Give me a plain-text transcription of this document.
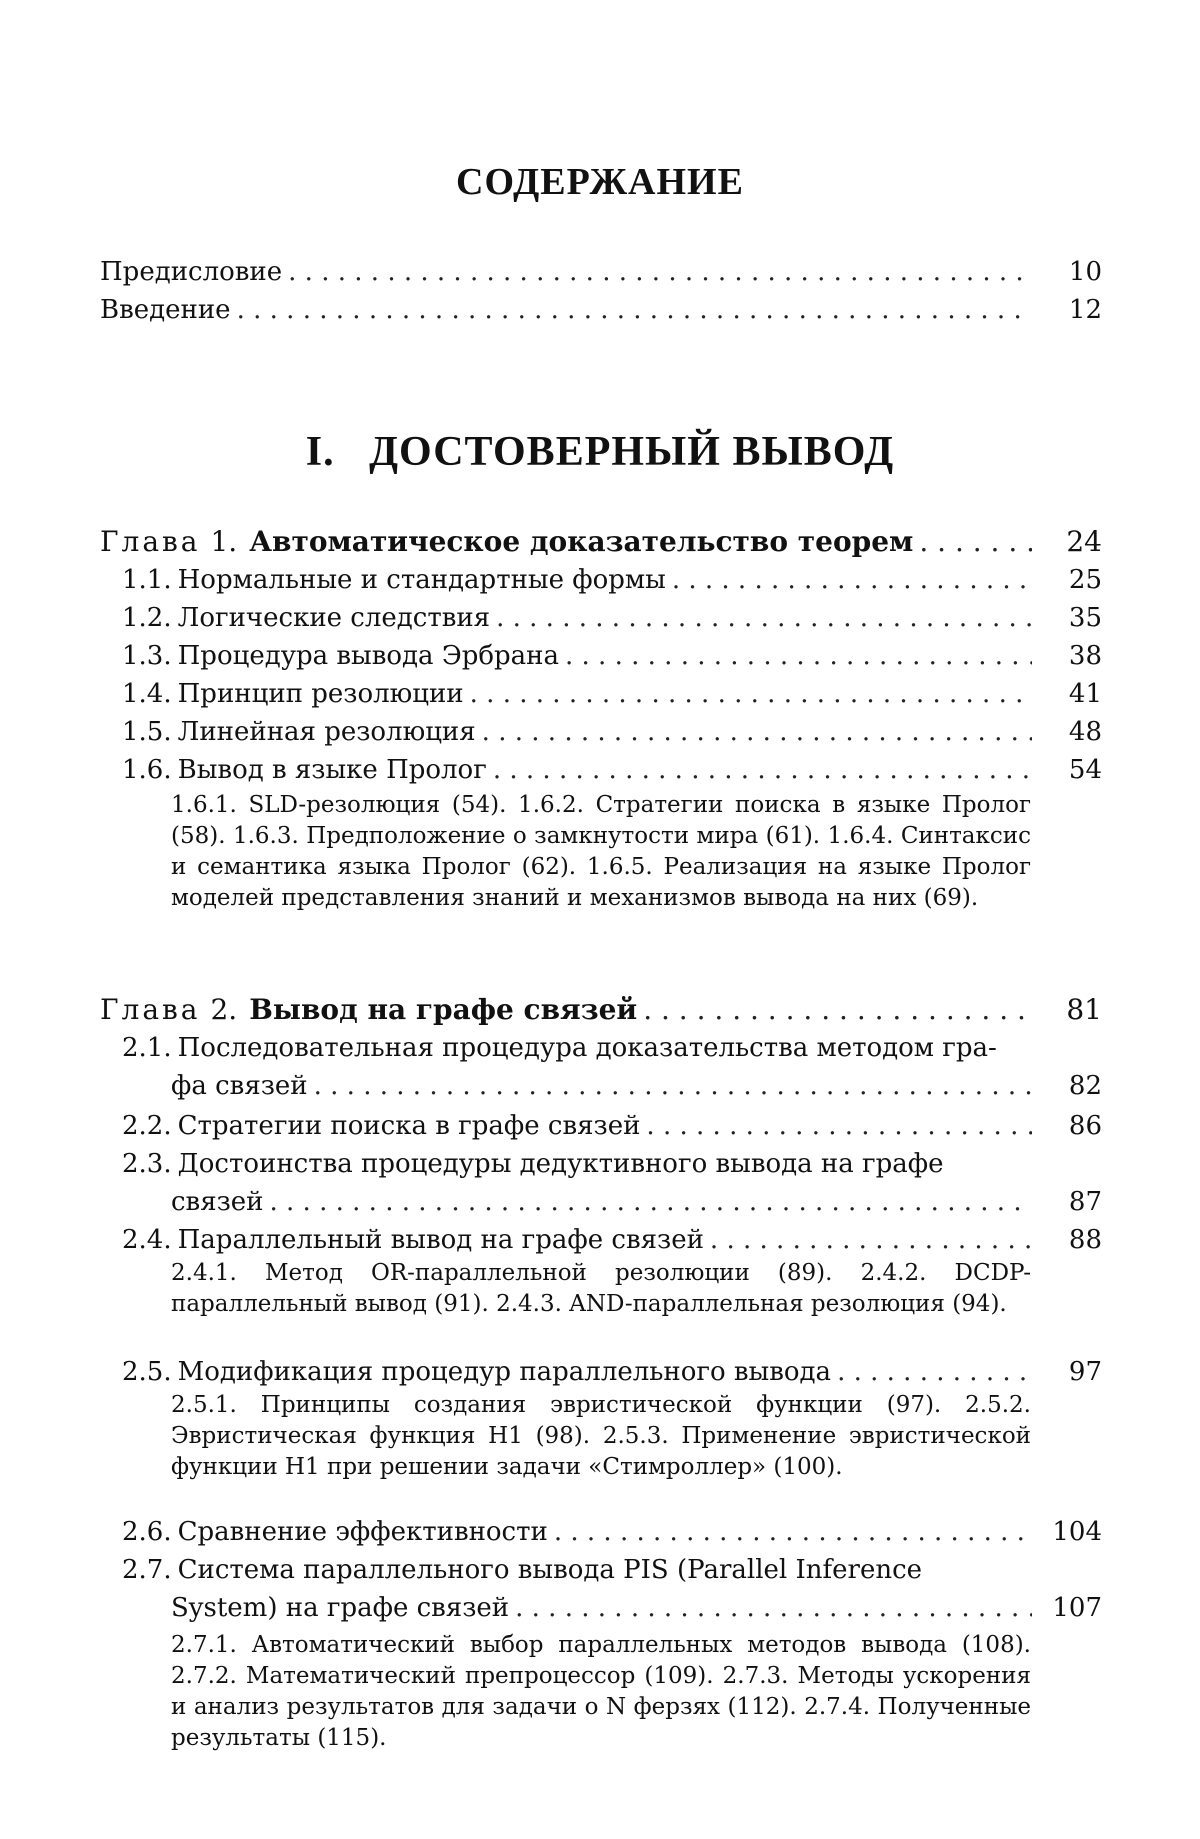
СОДЕРЖАНИЕ
Предисловие . . .	10
Введение . . .	12
I.   ДОСТОВЕРНЫЙ ВЫВОД
Глава 1. Автоматическое доказательство теорем . . .	24
1.1. Нормальные и стандартные формы . . .	25
1.2. Логические следствия . . .	35
1.3. Процедура вывода Эрбрана . . .	38
1.4. Принцип резолюции . . .	41
1.5. Линейная резолюция . . .	48
1.6. Вывод в языке Пролог . . .	54
1.6.1. SLD-резолюция (54). 1.6.2. Стратегии поиска в языке Пролог (58). 1.6.3. Предположение о замкнутости мира (61). 1.6.4. Синтаксис и семантика языка Пролог (62). 1.6.5. Реализация на языке Пролог моделей представления знаний и механизмов вывода на них (69).
Глава 2. Вывод на графе связей . . .	81
2.1. Последовательная процедура доказательства методом гра-
фа связей . . .	82
2.2. Стратегии поиска в графе связей . . .	86
2.3. Достоинства процедуры дедуктивного вывода на графе
связей . . .	87
2.4. Параллельный вывод на графе связей . . .	88
2.4.1. Метод OR-параллельной резолюции (89). 2.4.2. DCDP-параллельный вывод (91). 2.4.3. AND-параллельная резолюция (94).
2.5. Модификация процедур параллельного вывода . . .	97
2.5.1. Принципы создания эвристической функции (97). 2.5.2. Эвристическая функция H1 (98). 2.5.3. Применение эвристической функции H1 при решении задачи «Стимроллер» (100).
2.6. Сравнение эффективности . . .	104
2.7. Система параллельного вывода PIS (Parallel Inference
System) на графе связей . . .	107
2.7.1. Автоматический выбор параллельных методов вывода (108). 2.7.2. Математический препроцессор (109). 2.7.3. Методы ускорения и анализ результатов для задачи о N ферзях (112). 2.7.4. Полученные результаты (115).
